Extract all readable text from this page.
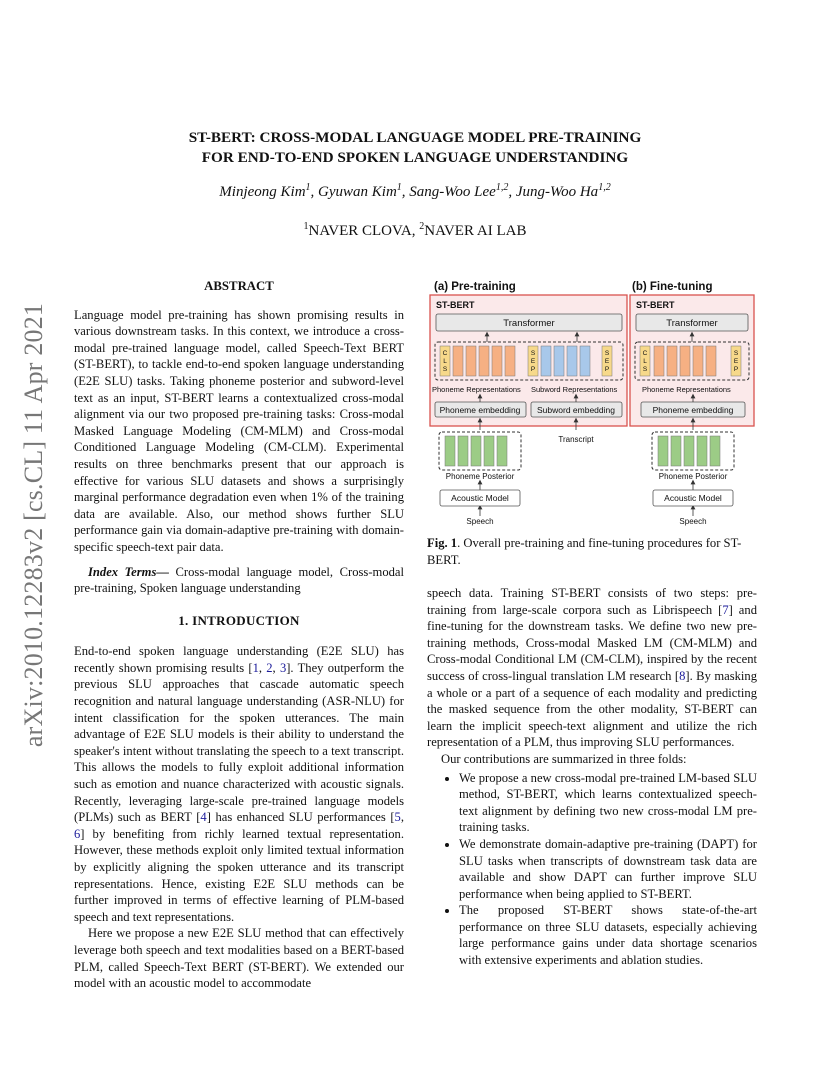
arXiv:2010.12283v2 [cs.CL] 11 Apr 2021
ST-BERT: CROSS-MODAL LANGUAGE MODEL PRE-TRAINING
FOR END-TO-END SPOKEN LANGUAGE UNDERSTANDING
Minjeong Kim$^1$, Gyuwan Kim$^1$, Sang-Woo Lee$^{1,2}$, Jung-Woo Ha$^{1,2}$
$^1$NAVER CLOVA, $^2$NAVER AI LAB
ABSTRACT

Language model pre-training has shown promising results in various downstream tasks. In this context, we introduce a cross-modal pre-trained language model, called Speech-Text BERT (ST-BERT), to tackle end-to-end spoken language understanding (E2E SLU) tasks. Taking phoneme posterior and subword-level text as an input, ST-BERT learns a contextualized cross-modal alignment via our two proposed pre-training tasks: Cross-modal Masked Language Modeling (CM-MLM) and Cross-modal Conditioned Language Modeling (CM-CLM). Experimental results on three benchmarks present that our approach is effective for various SLU datasets and shows a surprisingly marginal performance degradation even when 1% of the training data are available. Also, our method shows further SLU performance gain via domain-adaptive pre-training with domain-specific speech-text pair data.

Index Terms— Cross-modal language model, Cross-modal pre-training, Spoken language understanding

1. INTRODUCTION

End-to-end spoken language understanding (E2E SLU) has recently shown promising results [1, 2, 3]. They outperform the previous SLU approaches that cascade automatic speech recognition and natural language understanding (ASR-NLU) for intent classification for the spoken utterances. The main advantage of E2E SLU models is their ability to understand the speaker's intent without translating the speech to a text transcript. This allows the models to fully exploit additional information such as emotion and nuance characterized with acoustic signals. Recently, leveraging large-scale pre-trained language models (PLMs) such as BERT [4] has enhanced SLU performances [5, 6] by benefiting from richly learned textual representation. However, these methods exploit only limited textual information by explicitly aligning the spoken utterance and its transcript representations. Hence, existing E2E SLU methods can be further improved in terms of effective learning of PLM-based speech and text representations.

Here we propose a new E2E SLU method that can effectively leverage both speech and text modalities based on a BERT-based PLM, called Speech-Text BERT (ST-BERT). We extended our model with an acoustic model to accommodate

(a) Pre-training	(b) Fine-tuning
ST-BERT	ST-BERT
Transformer	Transformer
C
L
S
S
E
P
S
E
P
C
L
S
S
E
P
Phoneme Representations Subword Representations	Phoneme Representations
Phoneme embedding Subword embedding	Phoneme embedding
Transcript
Phoneme Posterior	Phoneme Posterior
Acoustic Model	Acoustic Model
Speech	Speech
Fig. 1. Overall pre-training and fine-tuning procedures for ST-BERT.

speech data. Training ST-BERT consists of two steps: pre-training from large-scale corpora such as Librispeech [7] and fine-tuning for the downstream tasks. We define two new pre-training methods, Cross-modal Masked LM (CM-MLM) and Cross-modal Conditional LM (CM-CLM), inspired by the recent success of cross-lingual translation LM research [8]. By masking a whole or a part of a sequence of each modality and predicting the masked sequence from the other modality, ST-BERT can learn the implicit speech-text alignment and utilize the rich representation of a PLM, thus improving SLU performances.

Our contributions are summarized in three folds:

• We propose a new cross-modal pre-trained LM-based SLU method, ST-BERT, which learns contextualized speech-text alignment by defining two new cross-modal LM pre-training tasks.
• We demonstrate domain-adaptive pre-training (DAPT) for SLU tasks when transcripts of downstream task data are available and show DAPT can further improve SLU performance when being applied to ST-BERT.
• The proposed ST-BERT shows state-of-the-art performance on three SLU datasets, especially achieving large performance gains under data shortage scenarios with extensive experiments and ablation studies.
